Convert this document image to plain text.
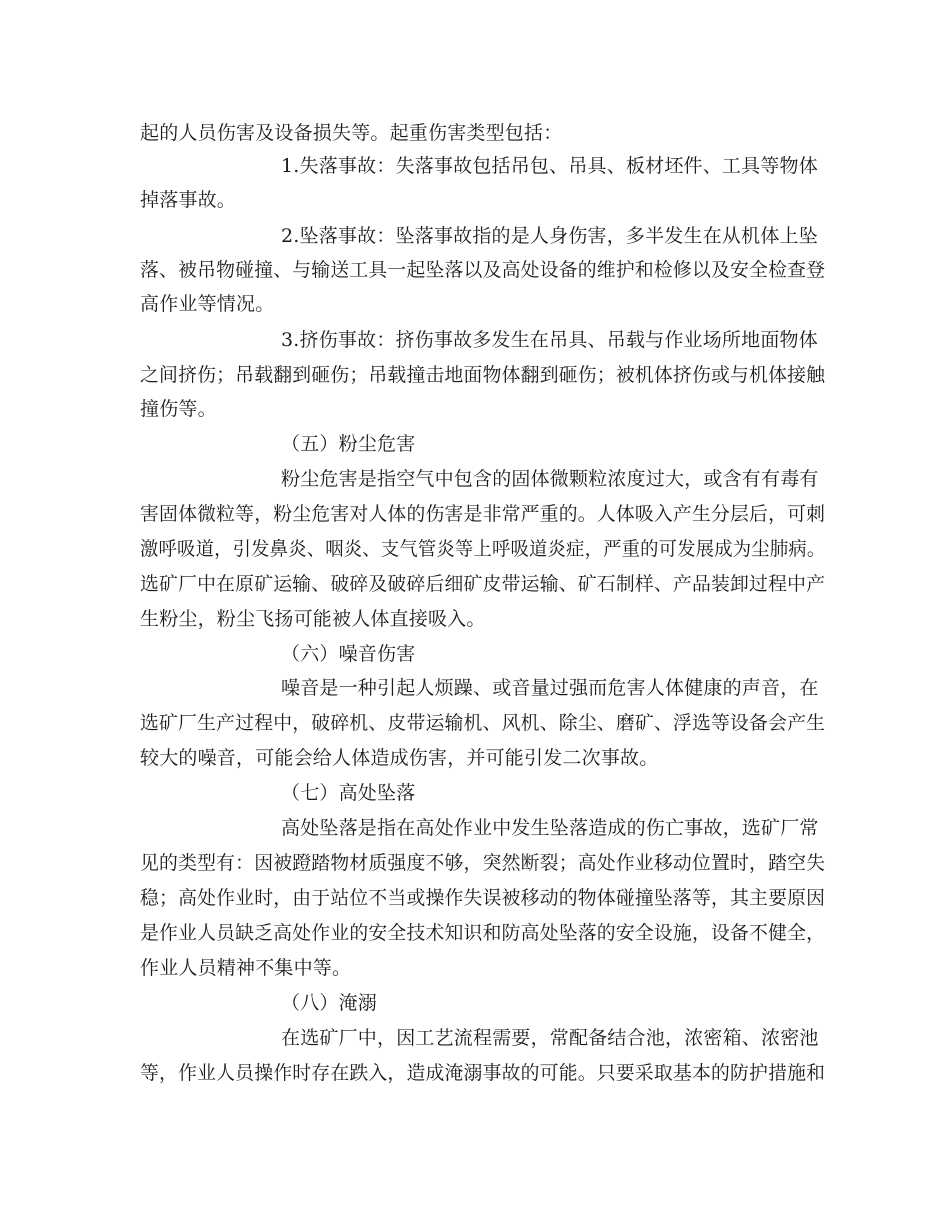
起的人员伤害及设备损失等。起重伤害类型包括：
1.失落事故：失落事故包括吊包、吊具、板材坯件、工具等物体
掉落事故。
2.坠落事故：坠落事故指的是人身伤害，多半发生在从机体上坠
落、被吊物碰撞、与输送工具一起坠落以及高处设备的维护和检修以及安全检查登
高作业等情况。
3.挤伤事故：挤伤事故多发生在吊具、吊载与作业场所地面物体
之间挤伤；吊载翻到砸伤；吊载撞击地面物体翻到砸伤；被机体挤伤或与机体接触
撞伤等。
（五）粉尘危害
粉尘危害是指空气中包含的固体微颗粒浓度过大，或含有有毒有
害固体微粒等，粉尘危害对人体的伤害是非常严重的。人体吸入产生分层后，可刺
激呼吸道，引发鼻炎、咽炎、支气管炎等上呼吸道炎症，严重的可发展成为尘肺病。
选矿厂中在原矿运输、破碎及破碎后细矿皮带运输、矿石制样、产品装卸过程中产
生粉尘，粉尘飞扬可能被人体直接吸入。
（六）噪音伤害
噪音是一种引起人烦躁、或音量过强而危害人体健康的声音，在
选矿厂生产过程中，破碎机、皮带运输机、风机、除尘、磨矿、浮选等设备会产生
较大的噪音，可能会给人体造成伤害，并可能引发二次事故。
（七）高处坠落
高处坠落是指在高处作业中发生坠落造成的伤亡事故，选矿厂常
见的类型有：因被蹬踏物材质强度不够，突然断裂；高处作业移动位置时，踏空失
稳；高处作业时，由于站位不当或操作失误被移动的物体碰撞坠落等，其主要原因
是作业人员缺乏高处作业的安全技术知识和防高处坠落的安全设施，设备不健全，
作业人员精神不集中等。
（八）淹溺
在选矿厂中，因工艺流程需要，常配备结合池，浓密箱、浓密池
等，作业人员操作时存在跌入，造成淹溺事故的可能。只要采取基本的防护措施和
